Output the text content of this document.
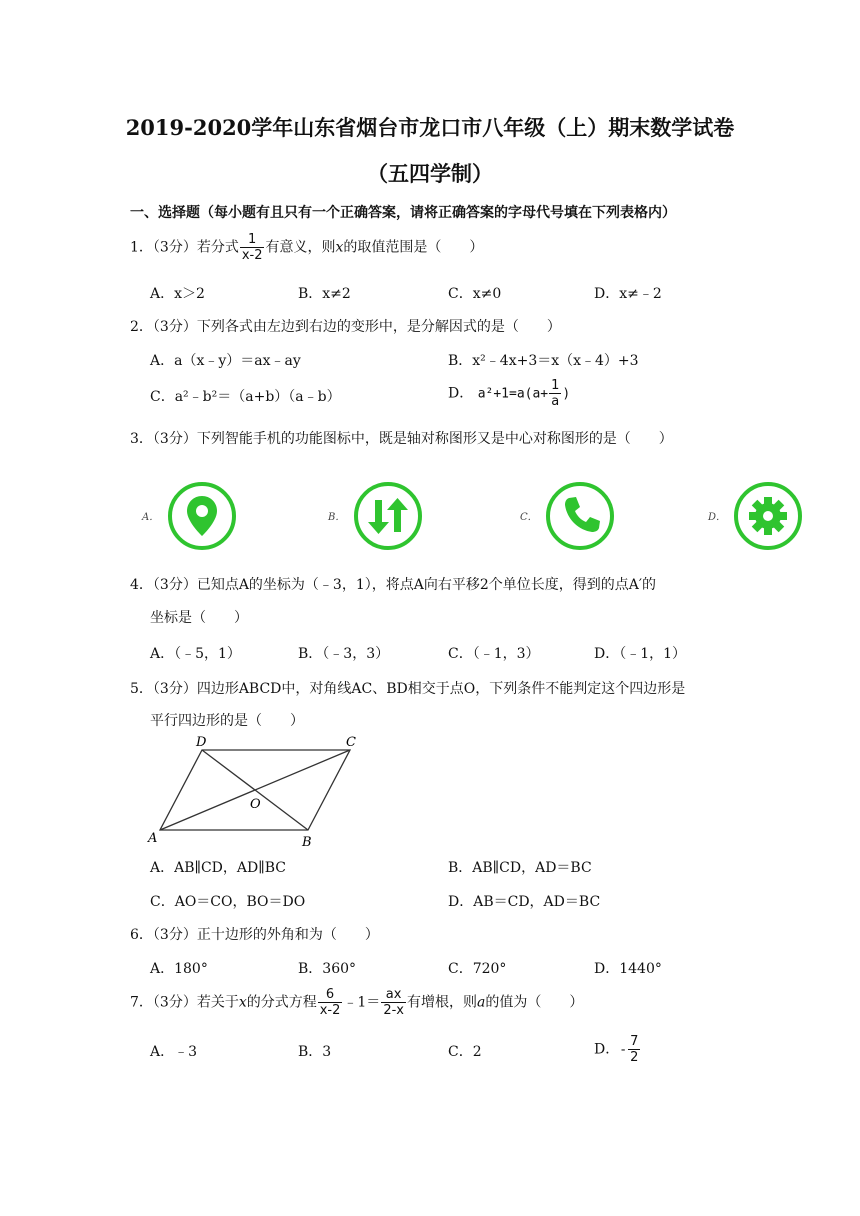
2019-2020学年山东省烟台市龙口市八年级（上）期末数学试卷
（五四学制）
一、选择题（每小题有且只有一个正确答案，请将正确答案的字母代号填在下列表格内）
1．（3分）若分式 $\frac{1}{x-2}$ 有意义，则x的取值范围是（　　）
A．x＞2	B．x≠2	C．x≠0	D．x≠﹣2
2．（3分）下列各式由左边到右边的变形中，是分解因式的是（　　）
A．a（x﹣y）＝ax﹣ay	B．x²﹣4x+3＝x（x﹣4）+3
C．a²﹣b²＝（a+b）（a﹣b）	D． $a^2+1=a(a+ \frac{1}{a}$ )
3．（3分）下列智能手机的功能图标中，既是轴对称图形又是中心对称图形的是（　　）
A．	B．	C．	D．
4．（3分）已知点A的坐标为（﹣3，1），将点A向右平移2个单位长度，得到的点A′的
坐标是（　　）
A．（﹣5，1）	B．（﹣3，3）	C．（﹣1，3）	D．（﹣1，1）
5．（3分）四边形ABCD中，对角线AC、BD相交于点O，下列条件不能判定这个四边形是
平行四边形的是（　　）
A	B
C
D
O
A．AB∥CD，AD∥BC	B．AB∥CD，AD＝BC
C．AO＝CO，BO＝DO	D．AB＝CD，AD＝BC
6．（3分）正十边形的外角和为（　　）
A．180°	B．360°	C．720°	D．1440°
7．（3分）若关于x的分式方程 $\frac{6}{x-2}$ ﹣1＝ $\frac{ax}{2-x}$ 有增根，则a的值为（　　）
A．﹣3	B．3	C．2	D．- $\frac{7}{2}$
